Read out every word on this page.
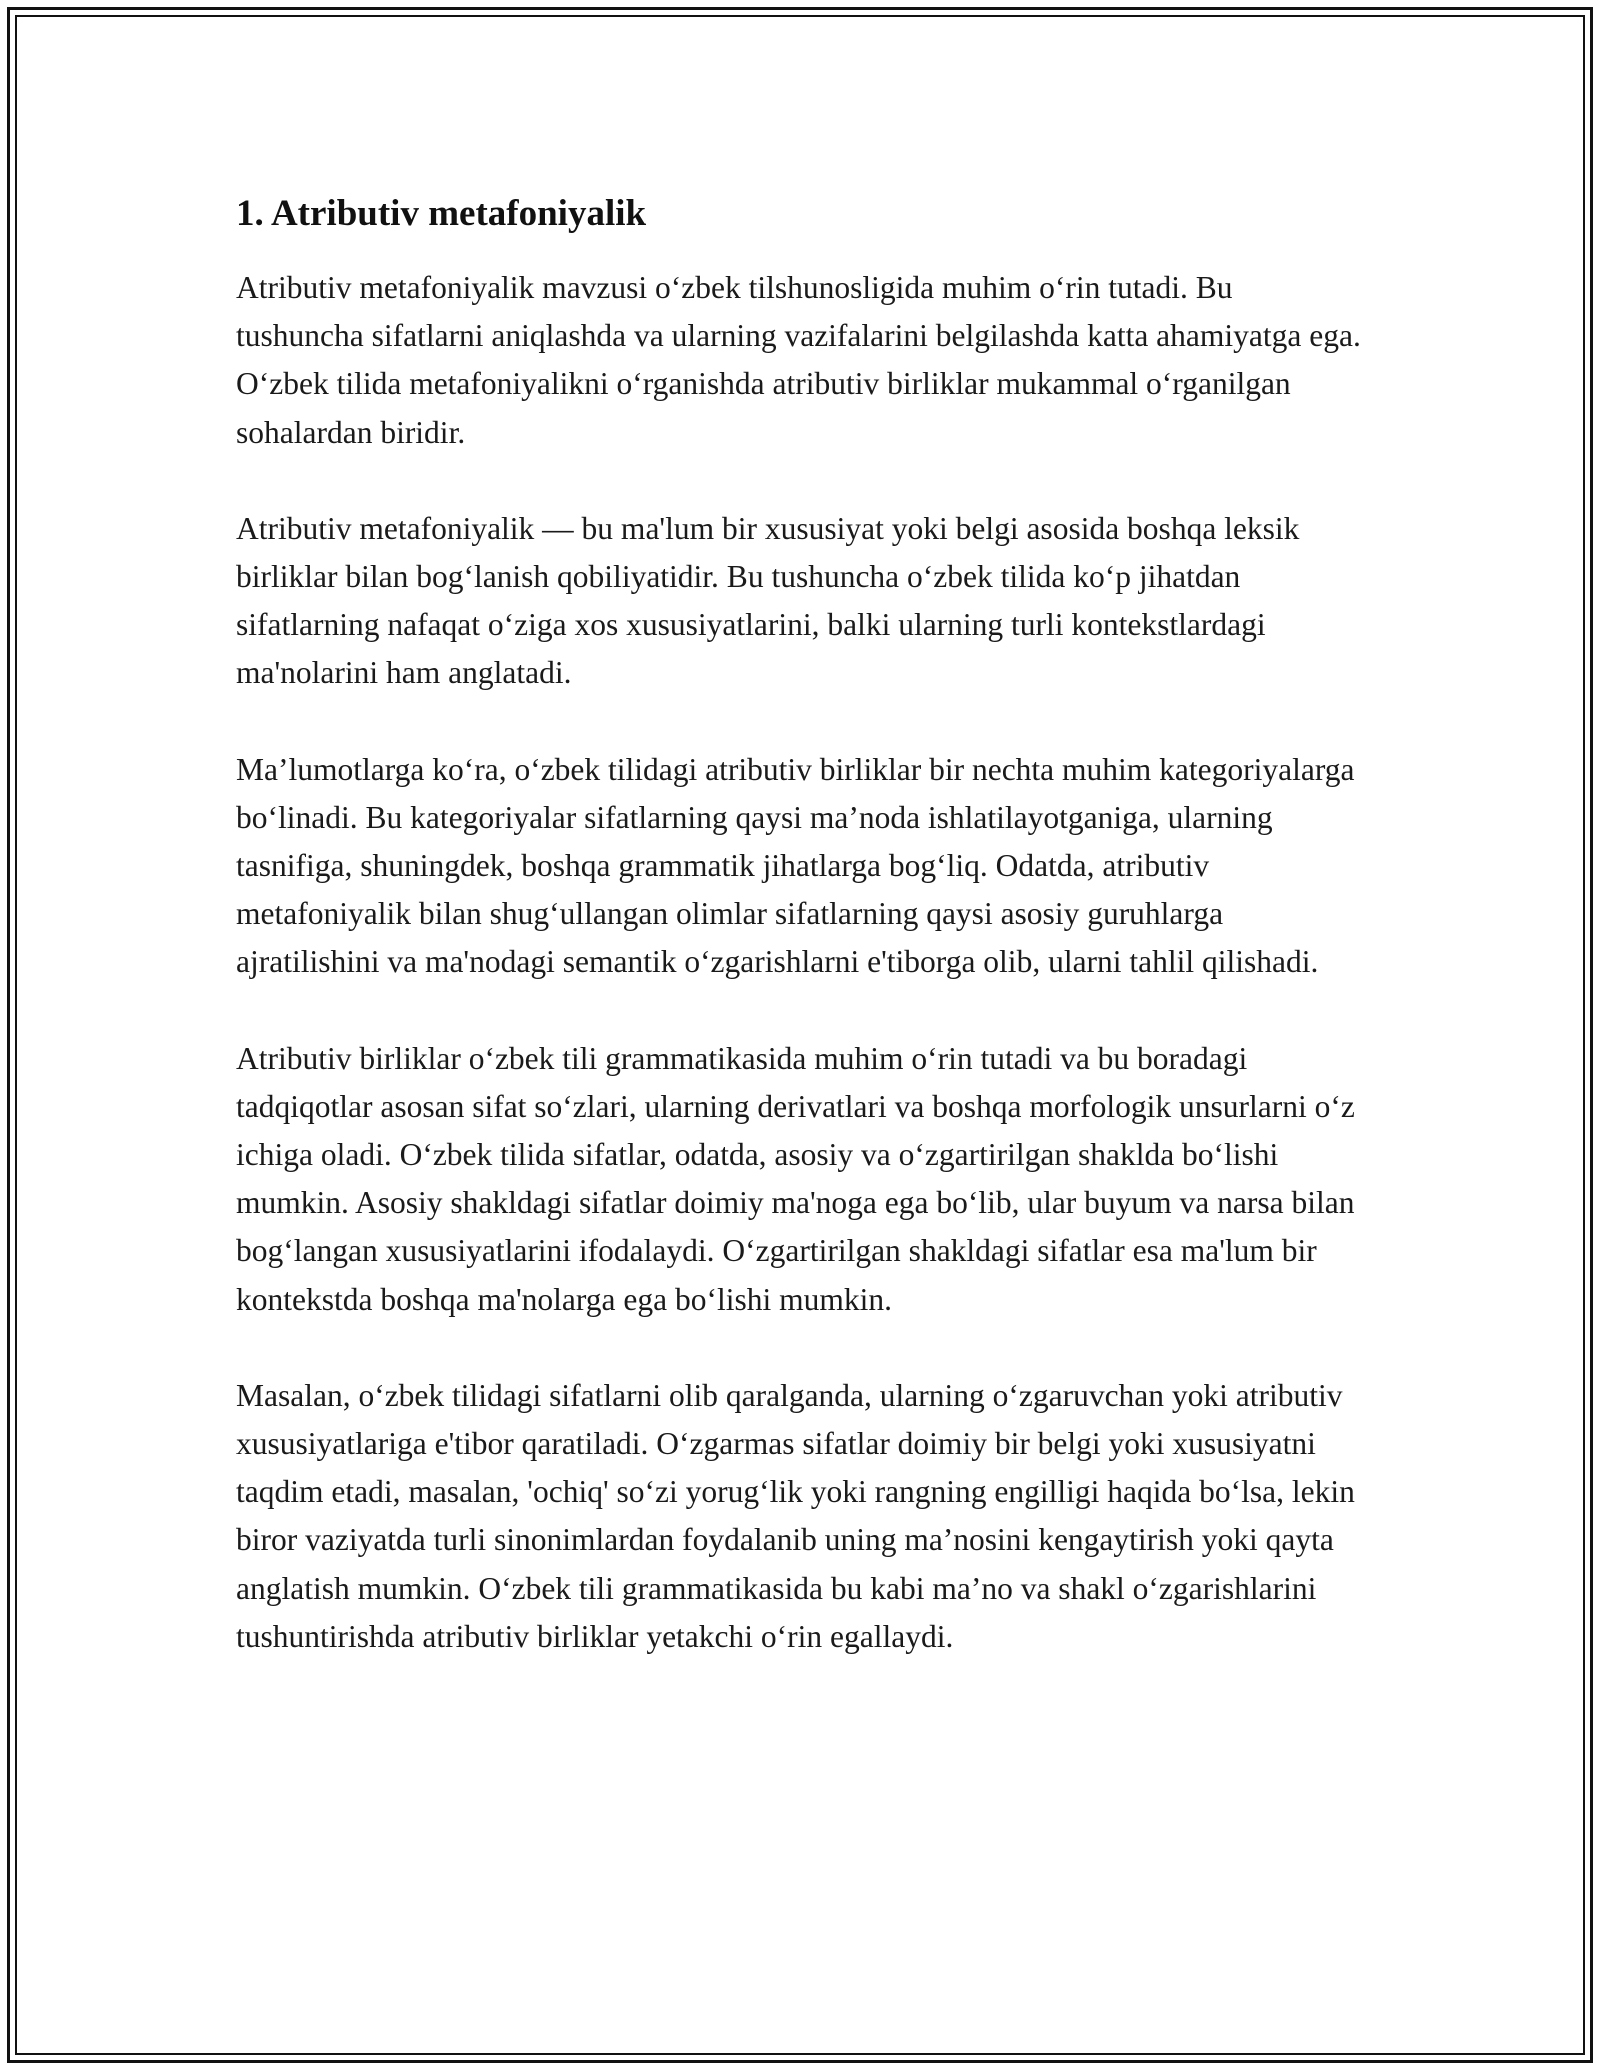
1. Atributiv metafoniyalik

Atributiv metafoniyalik mavzusi oʻzbek tilshunosligida muhim oʻrin tutadi. Bu tushuncha sifatlarni aniqlashda va ularning vazifalarini belgilashda katta ahamiyatga ega. Oʻzbek tilida metafoniyalikni oʻrganishda atributiv birliklar mukammal oʻrganilgan sohalardan biridir.

Atributiv metafoniyalik — bu ma'lum bir xususiyat yoki belgi asosida boshqa leksik birliklar bilan bogʻlanish qobiliyatidir. Bu tushuncha oʻzbek tilida koʻp jihatdan sifatlarning nafaqat oʻziga xos xususiyatlarini, balki ularning turli kontekstlardagi ma'nolarini ham anglatadi.

Ma’lumotlarga koʻra, oʻzbek tilidagi atributiv birliklar bir nechta muhim kategoriyalarga boʻlinadi. Bu kategoriyalar sifatlarning qaysi ma’noda ishlatilayotganiga, ularning tasnifiga, shuningdek, boshqa grammatik jihatlarga bogʻliq. Odatda, atributiv metafoniyalik bilan shugʻullangan olimlar sifatlarning qaysi asosiy guruhlarga ajratilishini va ma'nodagi semantik oʻzgarishlarni e'tiborga olib, ularni tahlil qilishadi.

Atributiv birliklar oʻzbek tili grammatikasida muhim oʻrin tutadi va bu boradagi tadqiqotlar asosan sifat soʻzlari, ularning derivatlari va boshqa morfologik unsurlarni oʻz ichiga oladi. Oʻzbek tilida sifatlar, odatda, asosiy va oʻzgartirilgan shaklda boʻlishi mumkin. Asosiy shakldagi sifatlar doimiy ma'noga ega boʻlib, ular buyum va narsa bilan bogʻlangan xususiyatlarini ifodalaydi. Oʻzgartirilgan shakldagi sifatlar esa ma'lum bir kontekstda boshqa ma'nolarga ega boʻlishi mumkin.

Masalan, oʻzbek tilidagi sifatlarni olib qaralganda, ularning oʻzgaruvchan yoki atributiv xususiyatlariga e'tibor qaratiladi. Oʻzgarmas sifatlar doimiy bir belgi yoki xususiyatni taqdim etadi, masalan, 'ochiq' soʻzi yorugʻlik yoki rangning engilligi haqida boʻlsa, lekin biror vaziyatda turli sinonimlardan foydalanib uning ma’nosini kengaytirish yoki qayta anglatish mumkin. Oʻzbek tili grammatikasida bu kabi ma’no va shakl oʻzgarishlarini tushuntirishda atributiv birliklar yetakchi oʻrin egallaydi.
